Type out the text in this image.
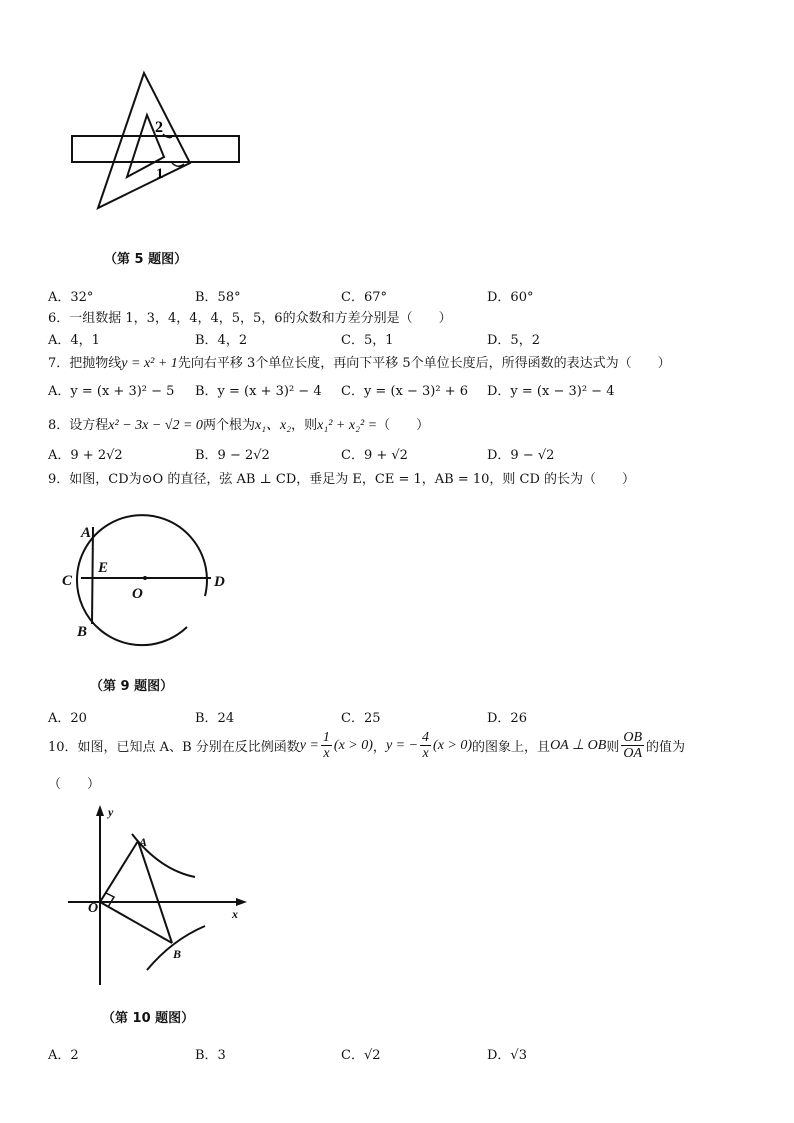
2
1
（第 5 题图）
A．32°	B．58°	C．67°	D．60°
6．一组数据 1，3，4，4，4，5，5，6的众数和方差分别是（　　）
A．4，1	B．4，2	C．5，1	D．5，2
7．把抛物线y = x² + 1先向右平移 3个单位长度，再向下平移 5个单位长度后，所得函数的表达式为（　　）
A．y = (x + 3)² − 5 B．y = (x + 3)² − 4 C．y = (x − 3)² + 6 D．y = (x − 3)² − 4
8．设方程x² − 3x − √2 = 0两个根为x₁、x₂，则x₁² + x₂² =（　　）
A．9 + 2√2	B．9 − 2√2	C．9 + √2	D．9 − √2
9．如图，CD为⊙O 的直径，弦 AB ⊥ CD，垂足为 E，CE = 1，AB = 10，则 CD 的长为（　　）
A
B
C	D
E
O
（第 9 题图）
A．20	B．24	C．25	D．26
10．如图，已知点 A、B 分别在反比例函数 $y = \frac{1}{x} (x > 0)$ ， y = − $\frac{4}{x} (x > 0)$ 的图象上，且 OA ⊥ OB 则 $\frac{OB}{OA}$ 的值为
（　　）
y
x
O
A
B
（第 10 题图）
A．2	B．3	C．√2	D．√3
